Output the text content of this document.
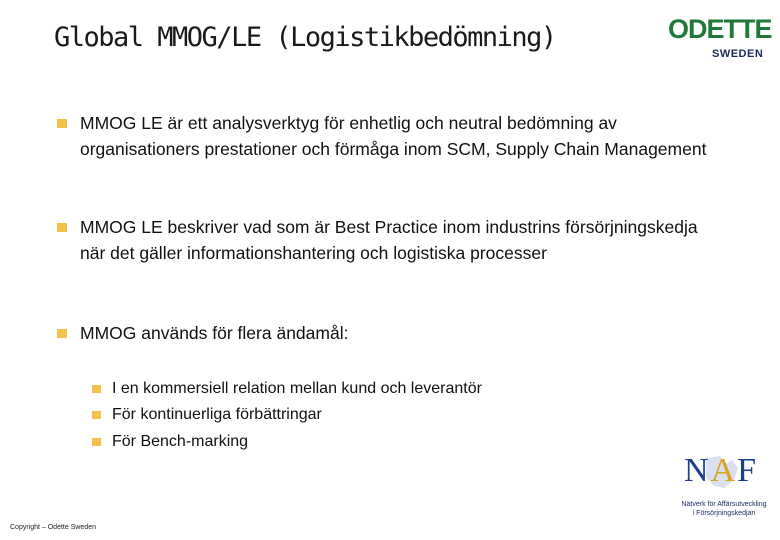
Global MMOG/LE (Logistikbedömning)	ODETTE
SWEDEN
MMOG LE är ett analysverktyg för enhetlig och neutral bedömning av organisationers prestationer och förmåga inom SCM, Supply Chain Management
MMOG LE beskriver vad som är Best Practice inom industrins försörjningskedja när det gäller informationshantering och logistiska processer
MMOG används för flera ändamål:
I en kommersiell relation mellan kund och leverantör
För kontinuerliga förbättringar
För Bench-marking
Copyright – Odette Sweden
NAF
Nätverk för Affärsutveckling
i Försörjningskedjan
